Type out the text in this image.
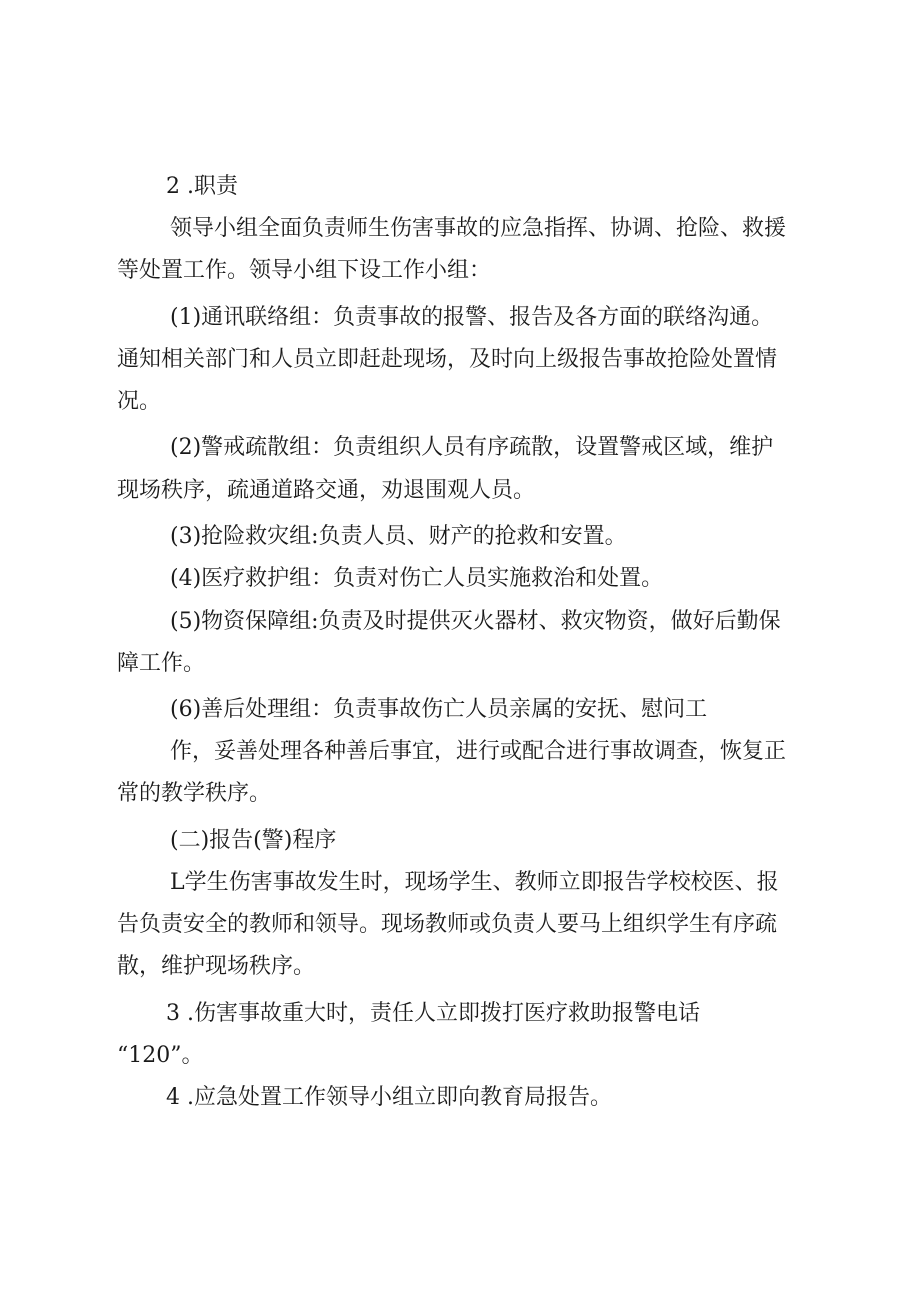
2 .职责
领导小组全面负责师生伤害事故的应急指挥、协调、抢险、救援
等处置工作。领导小组下设工作小组：
(1)通讯联络组：负责事故的报警、报告及各方面的联络沟通。
通知相关部门和人员立即赶赴现场，及时向上级报告事故抢险处置情
况。
(2)警戒疏散组：负责组织人员有序疏散，设置警戒区域，维护
现场秩序，疏通道路交通，劝退围观人员。
(3)抢险救灾组:负责人员、财产的抢救和安置。
(4)医疗救护组：负责对伤亡人员实施救治和处置。
(5)物资保障组:负责及时提供灭火器材、救灾物资，做好后勤保
障工作。
(6)善后处理组：负责事故伤亡人员亲属的安抚、慰问工
作，妥善处理各种善后事宜，进行或配合进行事故调查，恢复正
常的教学秩序。
(二)报告(警)程序
L学生伤害事故发生时，现场学生、教师立即报告学校校医、报
告负责安全的教师和领导。现场教师或负责人要马上组织学生有序疏
散，维护现场秩序。
3 .伤害事故重大时，责任人立即拨打医疗救助报警电话
“120”。
4 .应急处置工作领导小组立即向教育局报告。
